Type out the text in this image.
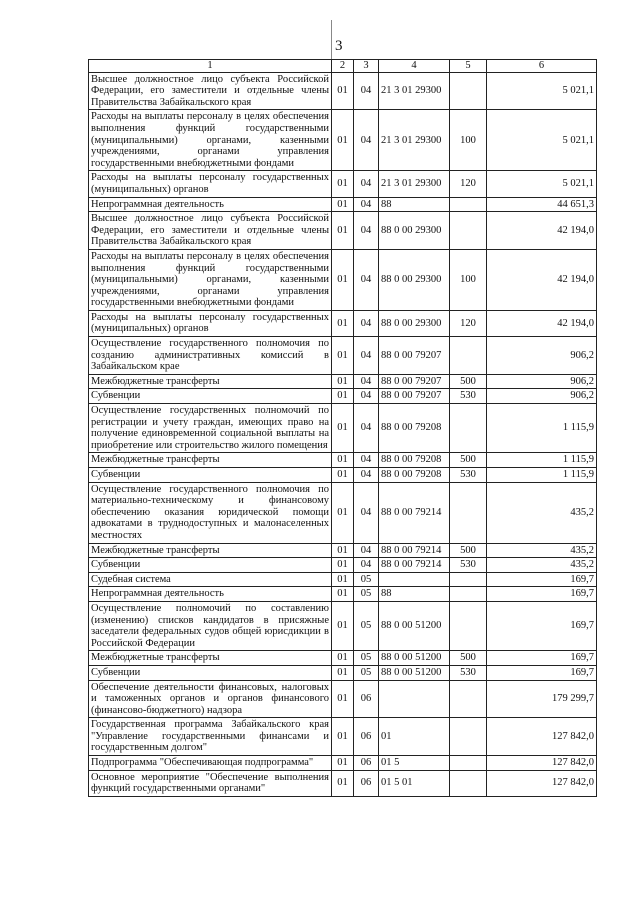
3
1	2	3	4	5	6
Высшее должностное лицо субъекта Российской Федерации, его заместители и отдельные члены Правительства Забайкальского края	01	04	21 3 01 29300		5 021,1
Расходы на выплаты персоналу в целях обеспечения выполнения функций государственными (муниципальными) органами, казенными учреждениями, органами управления государственными внебюджетными фондами	01	04	21 3 01 29300	100	5 021,1
Расходы на выплаты персоналу государственных (муниципальных) органов	01	04	21 3 01 29300	120	5 021,1
Непрограммная деятельность	01	04	88		44 651,3
Высшее должностное лицо субъекта Российской Федерации, его заместители и отдельные члены Правительства Забайкальского края	01	04	88 0 00 29300		42 194,0
Расходы на выплаты персоналу в целях обеспечения выполнения функций государственными (муниципальными) органами, казенными учреждениями, органами управления государственными внебюджетными фондами	01	04	88 0 00 29300	100	42 194,0
Расходы на выплаты персоналу государственных (муниципальных) органов	01	04	88 0 00 29300	120	42 194,0
Осуществление государственного полномочия по созданию административных комиссий в Забайкальском крае	01	04	88 0 00 79207		906,2
Межбюджетные трансферты	01	04	88 0 00 79207	500	906,2
Субвенции	01	04	88 0 00 79207	530	906,2
Осуществление государственных полномочий по регистрации и учету граждан, имеющих право на получение единовременной социальной выплаты на приобретение или строительство жилого помещения	01	04	88 0 00 79208		1 115,9
Межбюджетные трансферты	01	04	88 0 00 79208	500	1 115,9
Субвенции	01	04	88 0 00 79208	530	1 115,9
Осуществление государственного полномочия по материально-техническому и финансовому обеспечению оказания юридической помощи адвокатами в труднодоступных и малонаселенных местностях	01	04	88 0 00 79214		435,2
Межбюджетные трансферты	01	04	88 0 00 79214	500	435,2
Субвенции	01	04	88 0 00 79214	530	435,2
Судебная система	01	05			169,7
Непрограммная деятельность	01	05	88		169,7
Осуществление полномочий по составлению (изменению) списков кандидатов в присяжные заседатели федеральных судов общей юрисдикции в Российской Федерации	01	05	88 0 00 51200		169,7
Межбюджетные трансферты	01	05	88 0 00 51200	500	169,7
Субвенции	01	05	88 0 00 51200	530	169,7
Обеспечение деятельности финансовых, налоговых и таможенных органов и органов финансового (финансово-бюджетного) надзора	01	06			179 299,7
Государственная программа Забайкальского края "Управление государственными финансами и государственным долгом"	01	06	01		127 842,0
Подпрограмма "Обеспечивающая подпрограмма"	01	06	01 5		127 842,0
Основное мероприятие "Обеспечение выполнения функций государственными органами"	01	06	01 5 01		127 842,0
